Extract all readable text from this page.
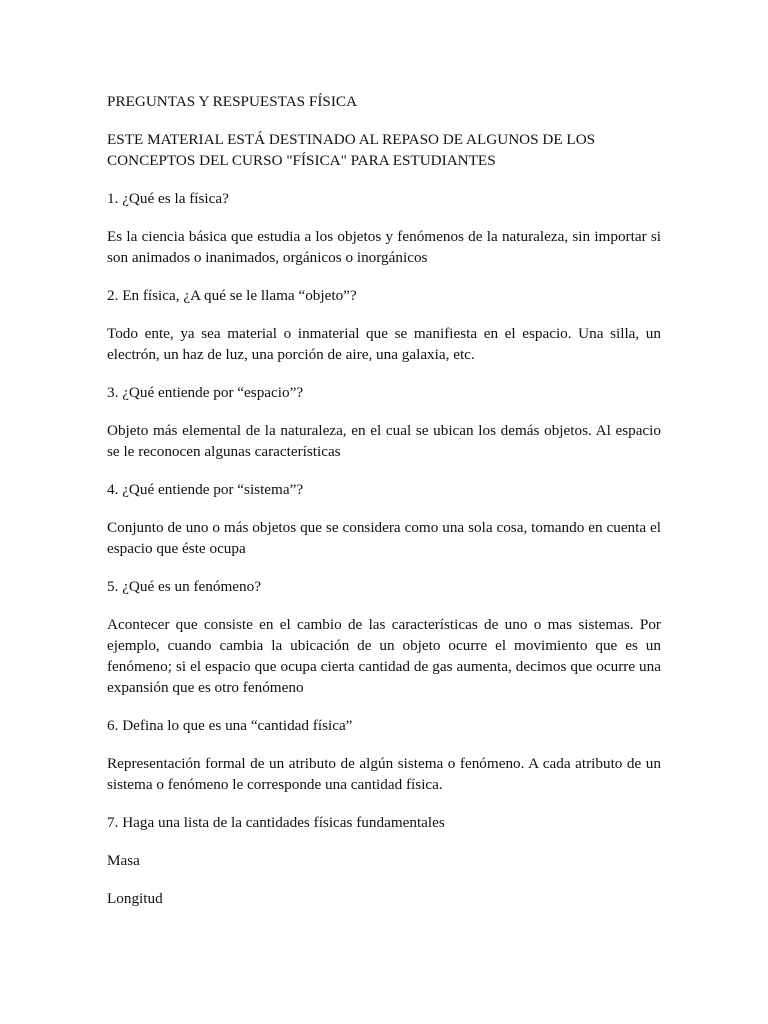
PREGUNTAS Y RESPUESTAS FÍSICA

ESTE MATERIAL ESTÁ DESTINADO AL REPASO DE ALGUNOS DE LOS CONCEPTOS DEL CURSO "FÍSICA" PARA ESTUDIANTES

1. ¿Qué es la física?

Es la ciencia básica que estudia a los objetos y fenómenos de la naturaleza, sin importar si son animados o inanimados, orgánicos o inorgánicos

2. En física, ¿A qué se le llama “objeto”?

Todo ente, ya sea material o inmaterial que se manifiesta en el espacio. Una silla, un electrón, un haz de luz, una porción de aire, una galaxia, etc.

3. ¿Qué entiende por “espacio”?

Objeto más elemental de la naturaleza, en el cual se ubican los demás objetos. Al espacio se le reconocen algunas características

4. ¿Qué entiende por “sistema”?

Conjunto de uno o más objetos que se considera como una sola cosa, tomando en cuenta el espacio que éste ocupa

5. ¿Qué es un fenómeno?

Acontecer que consiste en el cambio de las características de uno o mas sistemas. Por ejemplo, cuando cambia la ubicación de un objeto ocurre el movimiento que es un fenómeno; si el espacio que ocupa cierta cantidad de gas aumenta, decimos que ocurre una expansión que es otro fenómeno

6. Defina lo que es una “cantidad física”

Representación formal de un atributo de algún sistema o fenómeno. A cada atributo de un sistema o fenómeno le corresponde una cantidad física.

7. Haga una lista de la cantidades físicas fundamentales

Masa

Longitud
